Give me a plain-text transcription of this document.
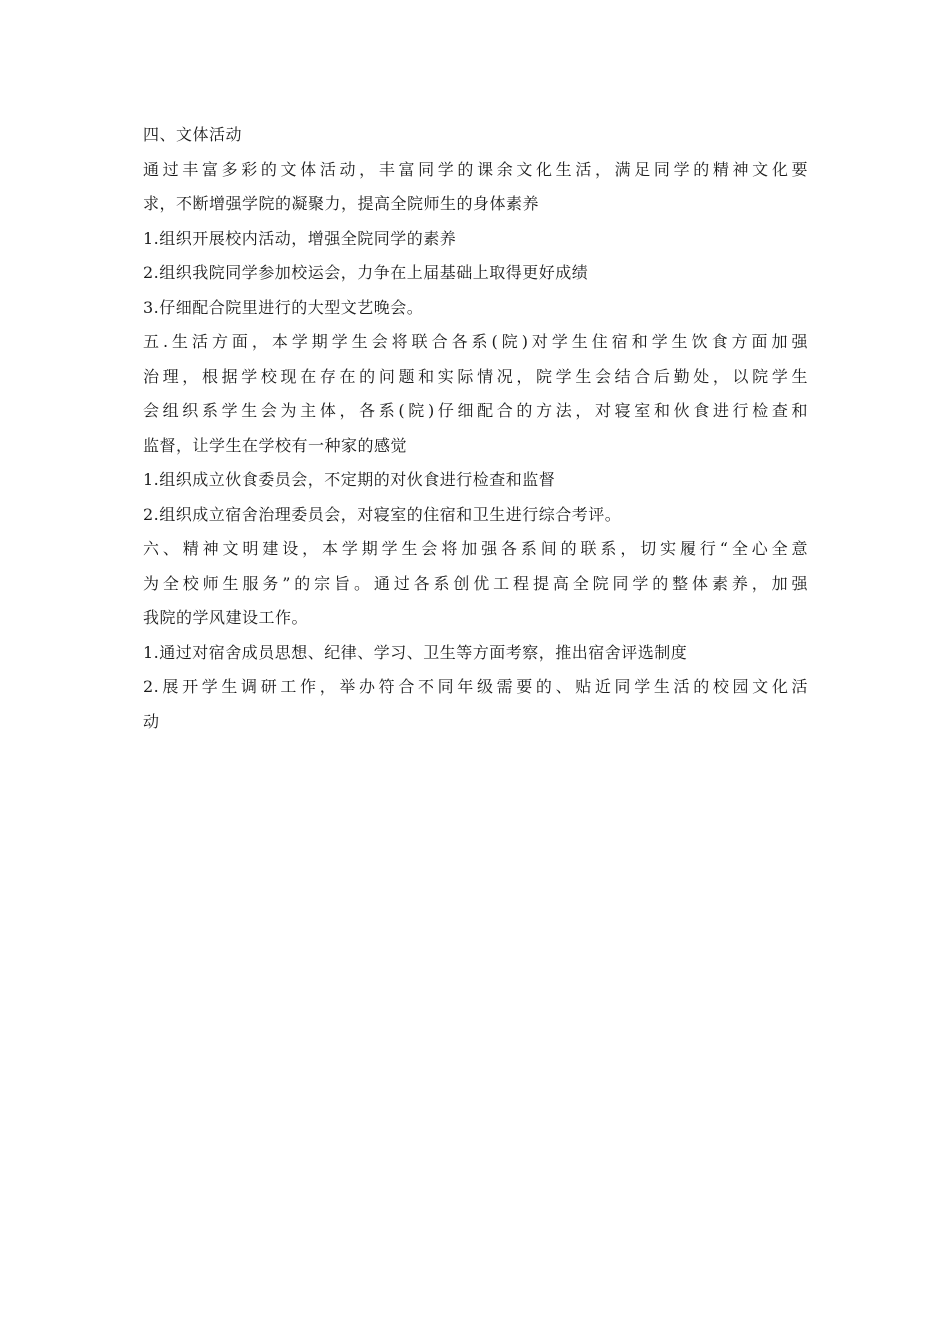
四、文体活动
通过丰富多彩的文体活动，丰富同学的课余文化生活，满足同学的精神文化要
求，不断增强学院的凝聚力，提高全院师生的身体素养
1.组织开展校内活动，增强全院同学的素养
2.组织我院同学参加校运会，力争在上届基础上取得更好成绩
3.仔细配合院里进行的大型文艺晚会。
五.生活方面，本学期学生会将联合各系(院)对学生住宿和学生饮食方面加强
治理，根据学校现在存在的问题和实际情况，院学生会结合后勤处，以院学生
会组织系学生会为主体，各系(院)仔细配合的方法，对寝室和伙食进行检查和
监督，让学生在学校有一种家的感觉
1.组织成立伙食委员会，不定期的对伙食进行检查和监督
2.组织成立宿舍治理委员会，对寝室的住宿和卫生进行综合考评。
六、精神文明建设，本学期学生会将加强各系间的联系，切实履行“全心全意
为全校师生服务”的宗旨。通过各系创优工程提高全院同学的整体素养，加强
我院的学风建设工作。
1.通过对宿舍成员思想、纪律、学习、卫生等方面考察，推出宿舍评选制度
2.展开学生调研工作，举办符合不同年级需要的、贴近同学生活的校园文化活
动
